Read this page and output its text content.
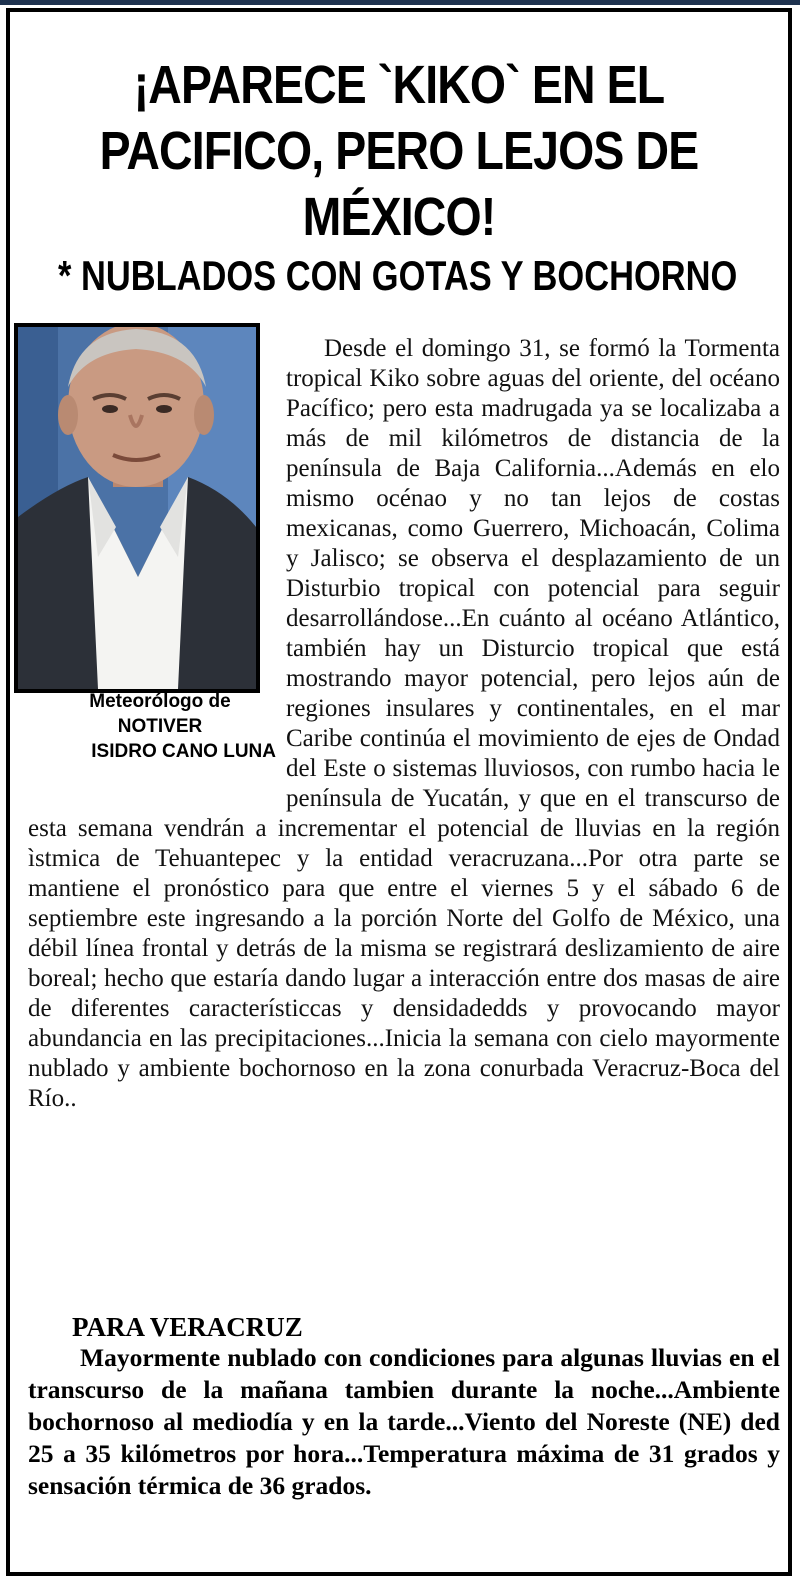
¡APARECE `KIKO` EN EL PACIFICO, PERO LEJOS DE MÉXICO!
* NUBLADOS CON GOTAS Y BOCHORNO
Meteorólogo de
NOTIVER
ISIDRO CANO LUNA
Desde el domingo 31, se formó la Tormenta tropical Kiko sobre aguas del oriente, del océano Pacífico; pero esta madrugada ya se localizaba a más de mil kilómetros de distancia de la península de Baja California...Además en elo mismo océnao y no tan lejos de costas mexicanas, como Guerrero, Michoacán, Colima y Jalisco; se observa el desplazamiento de un Disturbio tropical con potencial para seguir desarrollándose...En cuánto al océano Atlántico, también hay un Disturcio tropical que está mostrando mayor potencial, pero lejos aún de regiones insulares y continentales, en el mar Caribe continúa el movimiento de ejes de Ondad del Este o sistemas lluviosos, con rumbo hacia le península de Yucatán, y que en el transcurso de esta semana vendrán a incrementar el potencial de lluvias en la región ìstmica de Tehuantepec y la entidad veracruzana...Por otra parte se mantiene el pronóstico para que entre el viernes 5 y el sábado 6 de septiembre este ingresando a la porción Norte del Golfo de México, una débil línea frontal y detrás de la misma se registrará deslizamiento de aire boreal; hecho que estaría dando lugar a interacción entre dos masas de aire de diferentes característiccas y densidadedds y provocando mayor abundancia en las precipitaciones...Inicia la semana con cielo mayormente nublado y ambiente bochornoso en la zona conurbada Veracruz-Boca del Río..
PARA VERACRUZ

Mayormente nublado con condiciones para algunas lluvias en el transcurso de la mañana tambien durante la noche...Ambiente bochornoso al mediodía y en la tarde...Viento del Noreste (NE) ded 25 a 35 kilómetros por hora...Temperatura máxima de 31 grados y sensación térmica de 36 grados.
